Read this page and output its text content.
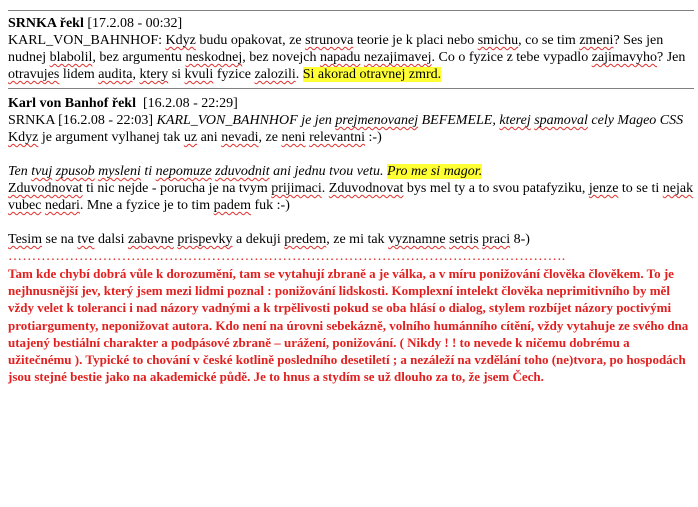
SRNKA řekl [17.2.08 - 00:32]

KARL_VON_BAHNHOF: Kdyz budu opakovat, ze strunova teorie je k placi nebo smichu, co se tim zmeni? Ses jen nudnej blabolil, bez argumentu neskodnej, bez novejch napadu nezajimavej. Co o fyzice z tebe vypadlo zajimavyho? Jen otravujes lidem audita, ktery si kvuli fyzice zalozili. Si akorad otravnej zmrd.

Karl von Banhof řekl [16.2.08 - 22:29]

SRNKA [16.2.08 - 22:03] KARL_VON_BAHNHOF je jen prejmenovanej BEFEMELE, kterej spamoval cely Mageo CSS

Kdyz je argument vylhanej tak uz ani nevadi, ze neni relevantni :-)

Ten tvuj zpusob mysleni ti nepomuze zduvodnit ani jednu tvou vetu. Pro me si magor.

Zduvodnovat ti nic nejde - porucha je na tvym prijimaci. Zduvodnovat bys mel ty a to svou patafyziku, jenze to se ti nejak vubec nedari. Mne a fyzice je to tim padem fuk :-)

Tesim se na tve dalsi zabavne prispevky a dekuji predem, ze mi tak vyznamne setris praci 8-)

……………………………………………………………………………………………………….

Tam kde chybí dobrá vůle k dorozumění, tam se vytahují zbraně a je válka, a v míru ponižování člověka člověkem. To je nejhnusnější jev, který jsem mezi lidmi poznal : ponižování lidskosti. Komplexní intelekt člověka neprimitivního by měl vždy velet k toleranci i nad názory vadnými a k trpělivosti pokud se oba hlásí o dialog, stylem rozbíjet názory poctivými protiargumenty, neponižovat autora. Kdo není na úrovni sebekázně, volního humánního cítění, vždy vytahuje ze svého dna utajený bestiální charakter a podpásové zbraně – urážení, ponižování. ( Nikdy ! ! to nevede k ničemu dobrému a užitečnému ). Typické to chování v české kotlině posledního desetiletí ; a nezáleží na vzdělání toho (ne)tvora, po hospodách jsou stejné bestie jako na akademické půdě. Je to hnus a stydím se už dlouho za to, že jsem Čech.
